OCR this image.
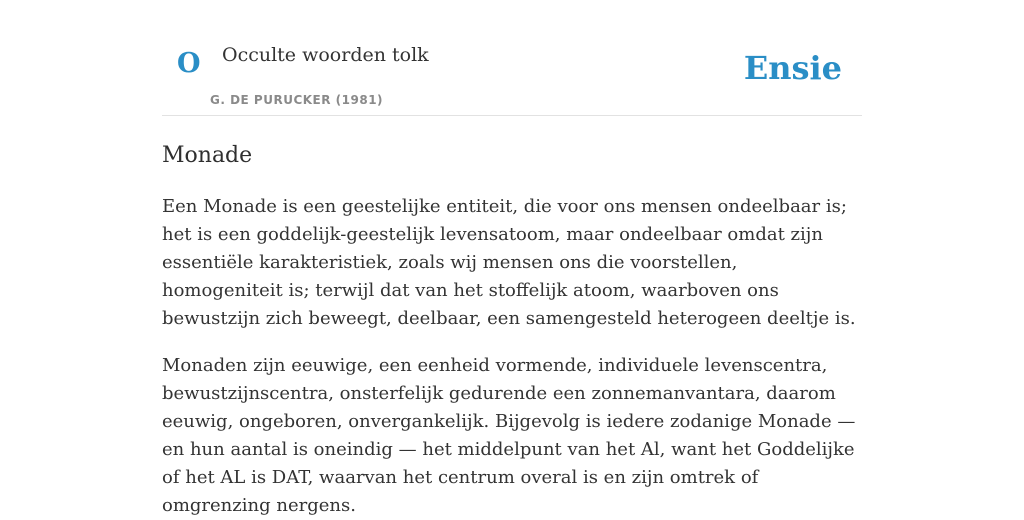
O Occulte woorden tolk
G. DE PURUCKER (1981)
Ensie
Monade

Een Monade is een geestelijke entiteit, die voor ons mensen ondeelbaar is; het is een goddelijk-geestelijk levensatoom, maar ondeelbaar omdat zijn essentiële karakteristiek, zoals wij mensen ons die voorstellen, homogeniteit is; terwijl dat van het stoffelijk atoom, waarboven ons bewustzijn zich beweegt, deelbaar, een samengesteld heterogeen deeltje is.

Monaden zijn eeuwige, een eenheid vormende, individuele levenscentra, bewustzijnscentra, onsterfelijk gedurende een zonnemanvantara, daarom eeuwig, ongeboren, onvergankelijk. Bijgevolg is iedere zodanige Monade — en hun aantal is oneindig — het middelpunt van het Al, want het Goddelijke of het AL is DAT, waarvan het centrum overal is en zijn omtrek of omgrenzing nergens.
